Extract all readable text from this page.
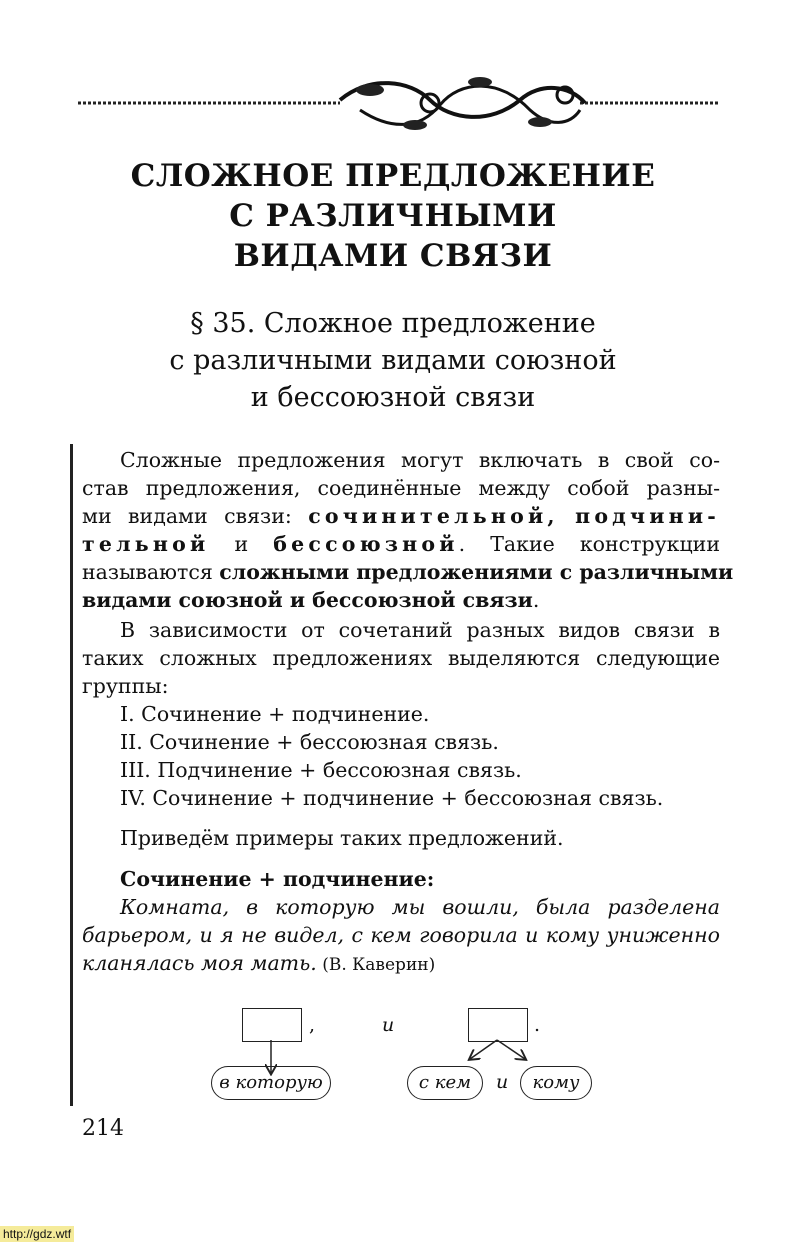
СЛОЖНОЕ ПРЕДЛОЖЕНИЕ
С РАЗЛИЧНЫМИ
ВИДАМИ СВЯЗИ
§ 35. Сложное предложение
с различными видами союзной
и бессоюзной связи
Сложные предложения могут включать в свой со-
став предложения, соединённые между собой разны-
ми видами связи: сочинительной, подчини-
тельной и бессоюзной. Такие конструкции
называются сложными предложениями с различными
видами союзной и бессоюзной связи.
В зависимости от сочетаний разных видов связи в
таких сложных предложениях выделяются следующие
группы:
I. Сочинение + подчинение.
II. Сочинение + бессоюзная связь.
III. Подчинение + бессоюзная связь.
IV. Сочинение + подчинение + бессоюзная связь.
Приведём примеры таких предложений.
Сочинение + подчинение:
Комната, в которую мы вошли, была разделена
барьером, и я не видел, с кем говорила и кому униженно
кланялась моя мать. (В. Каверин)
,	и	.
в которую	с кем	и	кому
214
http://gdz.wtf
